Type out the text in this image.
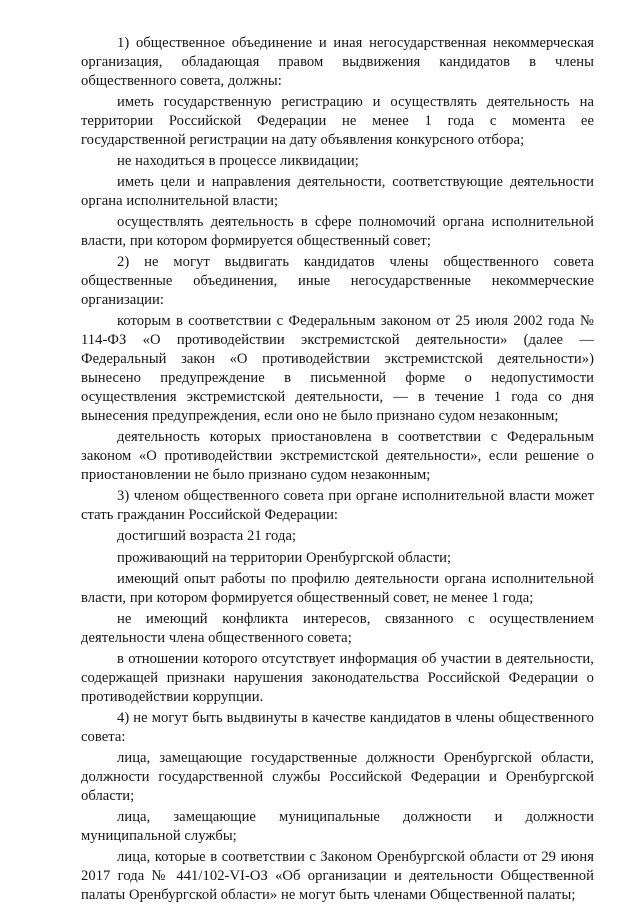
1) общественное объединение и иная негосударственная некоммерческая организация, обладающая правом выдвижения кандидатов в члены общественного совета, должны:

иметь государственную регистрацию и осуществлять деятельность на территории Российской Федерации не менее 1 года с момента ее государственной регистрации на дату объявления конкурсного отбора;

не находиться в процессе ликвидации;

иметь цели и направления деятельности, соответствующие деятельности органа исполнительной власти;

осуществлять деятельность в сфере полномочий органа исполнительной власти, при котором формируется общественный совет;

2) не могут выдвигать кандидатов члены общественного совета общественные объединения, иные негосударственные некоммерческие организации:

которым в соответствии с Федеральным законом от 25 июля 2002 года № 114-ФЗ «О противодействии экстремистской деятельности» (далее — Федеральный закон «О противодействии экстремистской деятельности») вынесено предупреждение в письменной форме о недопустимости осуществления экстремистской деятельности, — в течение 1 года со дня вынесения предупреждения, если оно не было признано судом незаконным;

деятельность которых приостановлена в соответствии с Федеральным законом «О противодействии экстремистской деятельности», если решение о приостановлении не было признано судом незаконным;

3) членом общественного совета при органе исполнительной власти может стать гражданин Российской Федерации:

достигший возраста 21 года;

проживающий на территории Оренбургской области;

имеющий опыт работы по профилю деятельности органа исполнительной власти, при котором формируется общественный совет, не менее 1 года;

не имеющий конфликта интересов, связанного с осуществлением деятельности члена общественного совета;

в отношении которого отсутствует информация об участии в деятельности, содержащей признаки нарушения законодательства Российской Федерации о противодействии коррупции.

4) не могут быть выдвинуты в качестве кандидатов в члены общественного совета:

лица, замещающие государственные должности Оренбургской области, должности государственной службы Российской Федерации и Оренбургской области;

лица, замещающие муниципальные должности и должности муниципальной службы;

лица, которые в соответствии с Законом Оренбургской области от 29 июня 2017 года № 441/102-VI-ОЗ «Об организации и деятельности Общественной палаты Оренбургской области» не могут быть членами Общественной палаты;
